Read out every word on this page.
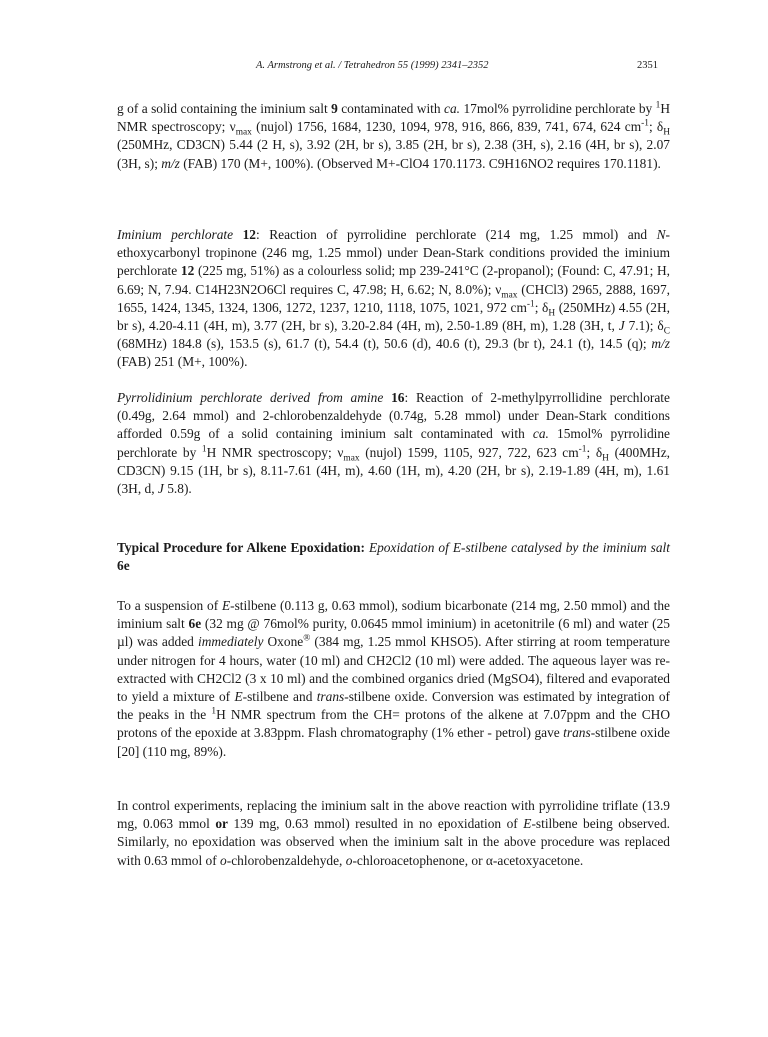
A. Armstrong et al. / Tetrahedron 55 (1999) 2341–2352	2351

g of a solid containing the iminium salt 9 contaminated with ca. 17mol% pyrrolidine perchlorate by $^1$H NMR spectroscopy; $\nu_{max}$ (nujol) 1756, 1684, 1230, 1094, 978, 916, 866, 839, 741, 674, 624 $cm^{-1}$; $\delta_H$ (250MHz, CD3CN) 5.44 (2 H, s), 3.92 (2H, br s), 3.85 (2H, br s), 2.38 (3H, s), 2.16 (4H, br s), 2.07 (3H, s); m/z (FAB) 170 (M+, 100%). (Observed M+-ClO4 170.1173. C9H16NO2 requires 170.1181).

Iminium perchlorate 12: Reaction of pyrrolidine perchlorate (214 mg, 1.25 mmol) and N-ethoxycarbonyl tropinone (246 mg, 1.25 mmol) under Dean-Stark conditions provided the iminium perchlorate 12 (225 mg, 51%) as a colourless solid; mp 239-241°C (2-propanol); (Found: C, 47.91; H, 6.69; N, 7.94. C14H23N2O6Cl requires C, 47.98; H, 6.62; N, 8.0%); $\nu_{max}$ (CHCl3) 2965, 2888, 1697, 1655, 1424, 1345, 1324, 1306, 1272, 1237, 1210, 1118, 1075, 1021, 972 $cm^{-1}$; $\delta_H$ (250MHz) 4.55 (2H, br s), 4.20-4.11 (4H, m), 3.77 (2H, br s), 3.20-2.84 (4H, m), 2.50-1.89 (8H, m), 1.28 (3H, t, J 7.1); $\delta_C$ (68MHz) 184.8 (s), 153.5 (s), 61.7 (t), 54.4 (t), 50.6 (d), 40.6 (t), 29.3 (br t), 24.1 (t), 14.5 (q); m/z (FAB) 251 (M+, 100%).

Pyrrolidinium perchlorate derived from amine 16: Reaction of 2-methylpyrrollidine perchlorate (0.49g, 2.64 mmol) and 2-chlorobenzaldehyde (0.74g, 5.28 mmol) under Dean-Stark conditions afforded 0.59g of a solid containing iminium salt contaminated with ca. 15mol% pyrrolidine perchlorate by $^1$H NMR spectroscopy; $\nu_{max}$ (nujol) 1599, 1105, 927, 722, 623 $cm^{-1}$; $\delta_H$ (400MHz, CD3CN) 9.15 (1H, br s), 8.11-7.61 (4H, m), 4.60 (1H, m), 4.20 (2H, br s), 2.19-1.89 (4H, m), 1.61 (3H, d, J 5.8).

Typical Procedure for Alkene Epoxidation: Epoxidation of E-stilbene catalysed by the iminium salt 6e

To a suspension of E-stilbene (0.113 g, 0.63 mmol), sodium bicarbonate (214 mg, 2.50 mmol) and the iminium salt 6e (32 mg @ 76mol% purity, 0.0645 mmol iminium) in acetonitrile (6 ml) and water (25 µl) was added immediately Oxone® (384 mg, 1.25 mmol KHSO5). After stirring at room temperature under nitrogen for 4 hours, water (10 ml) and CH2Cl2 (10 ml) were added. The aqueous layer was re-extracted with CH2Cl2 (3 x 10 ml) and the combined organics dried (MgSO4), filtered and evaporated to yield a mixture of E-stilbene and trans-stilbene oxide. Conversion was estimated by integration of the peaks in the $^1$H NMR spectrum from the CH= protons of the alkene at 7.07ppm and the CHO protons of the epoxide at 3.83ppm. Flash chromatography (1% ether - petrol) gave trans-stilbene oxide [20] (110 mg, 89%).

In control experiments, replacing the iminium salt in the above reaction with pyrrolidine triflate (13.9 mg, 0.063 mmol or 139 mg, 0.63 mmol) resulted in no epoxidation of E-stilbene being observed. Similarly, no epoxidation was observed when the iminium salt in the above procedure was replaced with 0.63 mmol of o-chlorobenzaldehyde, o-chloroacetophenone, or α-acetoxyacetone.
